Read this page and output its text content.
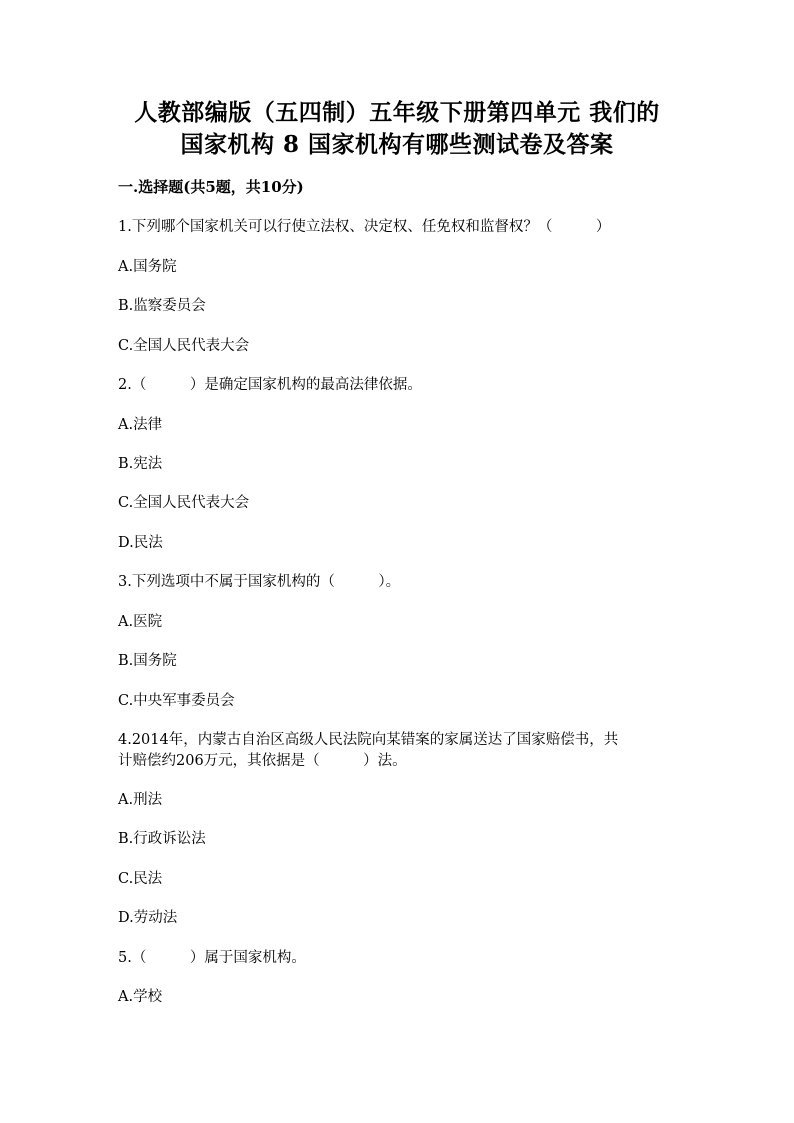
人教部编版（五四制）五年级下册第四单元 我们的
国家机构 8 国家机构有哪些测试卷及答案
一.选择题(共5题，共10分)
1.下列哪个国家机关可以行使立法权、决定权、任免权和监督权？（　　　）
A.国务院
B.监察委员会
C.全国人民代表大会
2.（　　　）是确定国家机构的最高法律依据。
A.法律
B.宪法
C.全国人民代表大会
D.民法
3.下列选项中不属于国家机构的（　　　）。
A.医院
B.国务院
C.中央军事委员会
4.2014年，内蒙古自治区高级人民法院向某错案的家属送达了国家赔偿书，共
计赔偿约206万元，其依据是（　　　）法。
A.刑法
B.行政诉讼法
C.民法
D.劳动法
5.（　　　）属于国家机构。
A.学校
